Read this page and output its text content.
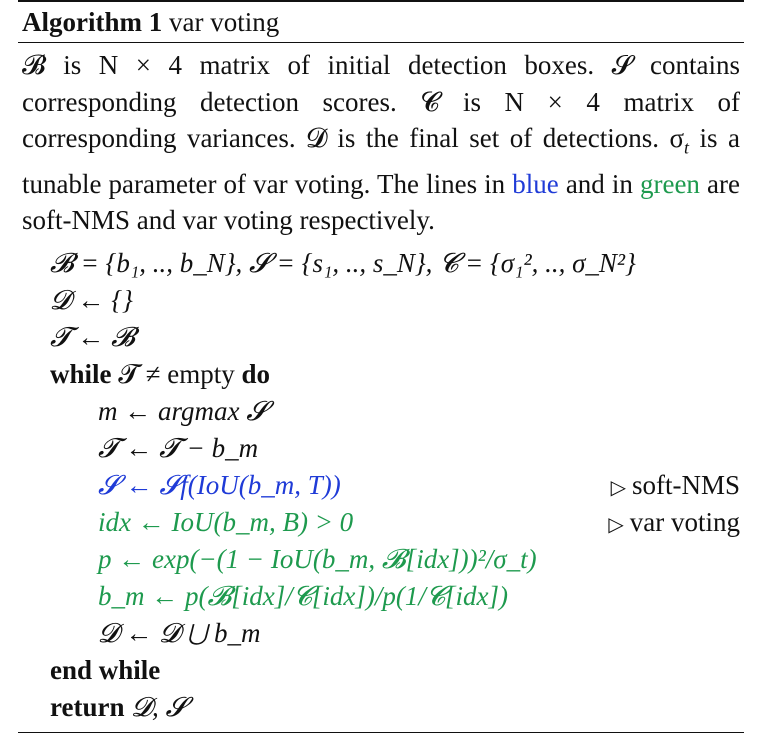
Algorithm 1 var voting
𝓑 is N × 4 matrix of initial detection boxes. 𝓢 contains corresponding detection scores. 𝓒 is N × 4 matrix of corresponding variances. 𝓓 is the final set of detections. $\sigma_t$ is a tunable parameter of var voting. The lines in blue and in green are soft-NMS and var voting respectively.
𝓑 = {b₁, .., b_N}, 𝓢 = {s₁, .., s_N}, 𝓒 = {σ₁², .., σ_N²}
𝓓 ← {}
𝓣 ← 𝓑
while 𝓣 ≠ empty do
m ← argmax 𝓢
𝓣 ← 𝓣 − b_m
𝓢 ← 𝓢f(IoU(b_m, T))	▷ soft-NMS
idx ← IoU(b_m, B) > 0	▷ var voting
p ← exp(−(1 − IoU(b_m, 𝓑[idx]))²/σ_t)
b_m ← p(𝓑[idx]/𝓒[idx])/p(1/𝓒[idx])
𝓓 ← 𝓓 ⋃ b_m
end while
return 𝓓, 𝓢
